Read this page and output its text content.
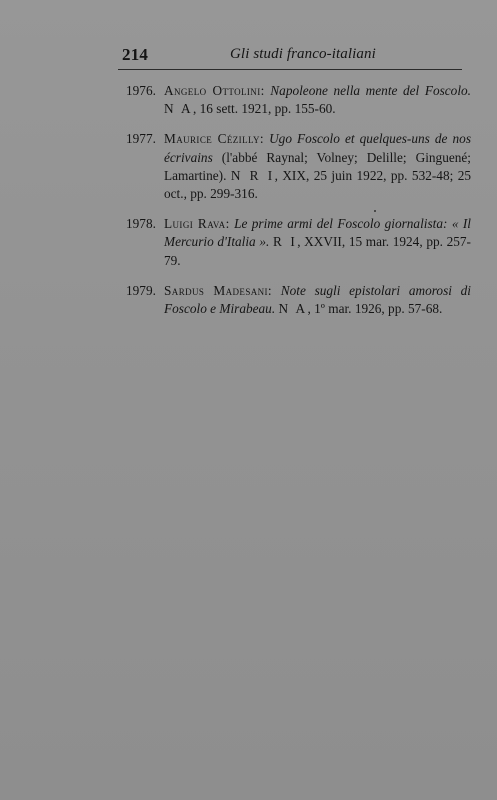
214	Gli studi franco-italiani
1976. Angelo Ottolini: Napoleone nella mente del Foscolo. N A, 16 sett. 1921, pp. 155-60.
1977. Maurice Cézilly: Ugo Foscolo et quelques-uns de nos écrivains (l'abbé Raynal; Volney; Delille; Ginguené; Lamartine). N R I, XIX, 25 juin 1922, pp. 532-48; 25 oct., pp. 299-316.
1978. Luigi Rava: Le prime armi del Foscolo giornalista: « Il Mercurio d'Italia ». R I, XXVII, 15 mar. 1924, pp. 257-79.
1979. Sardus Madesani: Note sugli epistolari amorosi di Foscolo e Mirabeau. N A, 1º mar. 1926, pp. 57-68.
